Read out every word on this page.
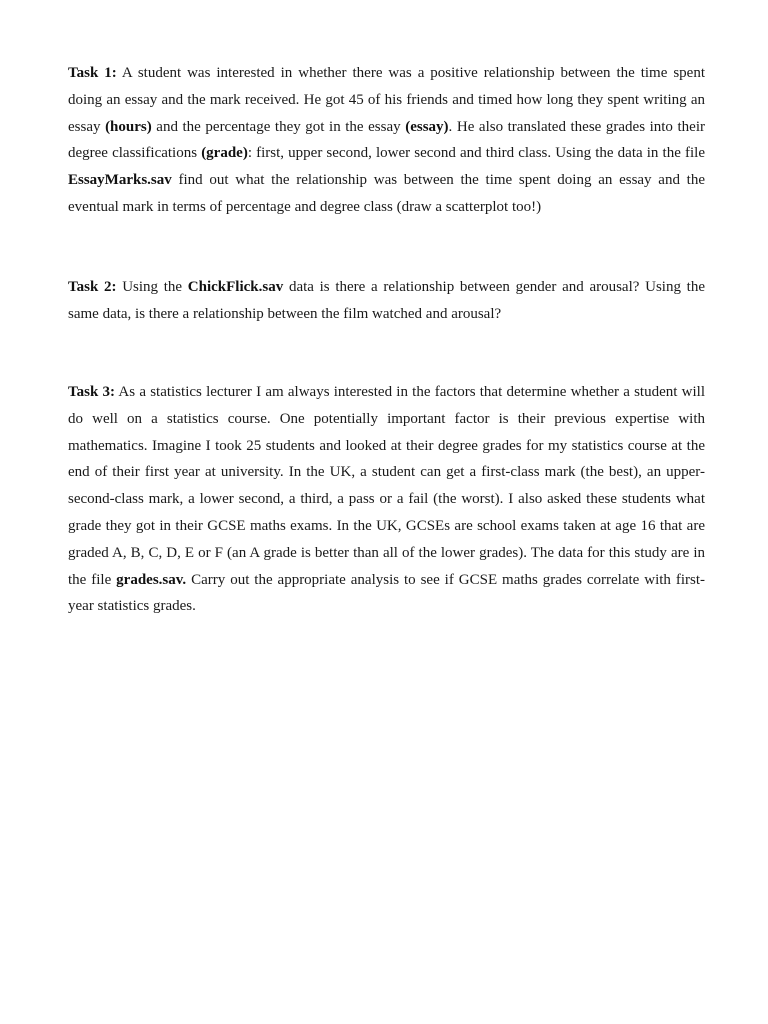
Task 1: A student was interested in whether there was a positive relationship between the time spent doing an essay and the mark received. He got 45 of his friends and timed how long they spent writing an essay (hours) and the percentage they got in the essay (essay). He also translated these grades into their degree classifications (grade): first, upper second, lower second and third class. Using the data in the file EssayMarks.sav find out what the relationship was between the time spent doing an essay and the eventual mark in terms of percentage and degree class (draw a scatterplot too!)

Task 2: Using the ChickFlick.sav data is there a relationship between gender and arousal? Using the same data, is there a relationship between the film watched and arousal?

Task 3: As a statistics lecturer I am always interested in the factors that determine whether a student will do well on a statistics course. One potentially important factor is their previous expertise with mathematics. Imagine I took 25 students and looked at their degree grades for my statistics course at the end of their first year at university. In the UK, a student can get a first-class mark (the best), an upper-second-class mark, a lower second, a third, a pass or a fail (the worst). I also asked these students what grade they got in their GCSE maths exams. In the UK, GCSEs are school exams taken at age 16 that are graded A, B, C, D, E or F (an A grade is better than all of the lower grades). The data for this study are in the file grades.sav. Carry out the appropriate analysis to see if GCSE maths grades correlate with first-year statistics grades.
